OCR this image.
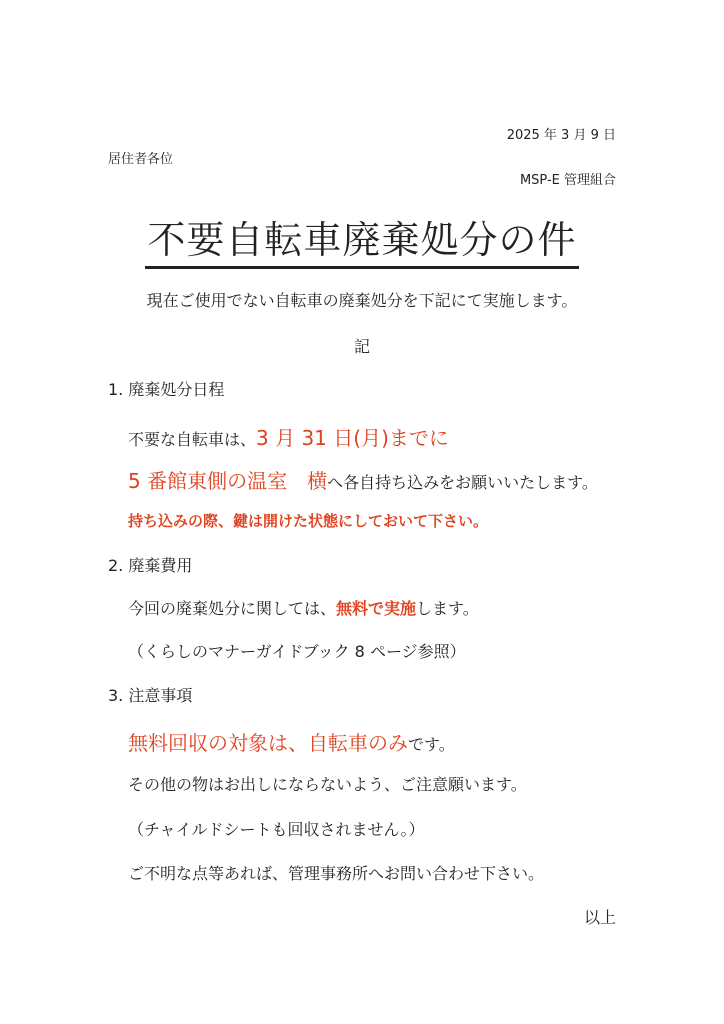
2025 年 3 月 9 日
居住者各位
MSP-E 管理組合
不要自転車廃棄処分の件
現在ご使用でない自転車の廃棄処分を下記にて実施します。
記
1. 廃棄処分日程
不要な自転車は、3 月 31 日(月)までに
5 番館東側の温室　横へ各自持ち込みをお願いいたします。
持ち込みの際、鍵は開けた状態にしておいて下さい。
2. 廃棄費用
今回の廃棄処分に関しては、無料で実施します。
（くらしのマナーガイドブック 8 ページ参照）
3. 注意事項
無料回収の対象は、自転車のみです。
その他の物はお出しにならないよう、ご注意願います。
（チャイルドシートも回収されません。）
ご不明な点等あれば、管理事務所へお問い合わせ下さい。
以上
